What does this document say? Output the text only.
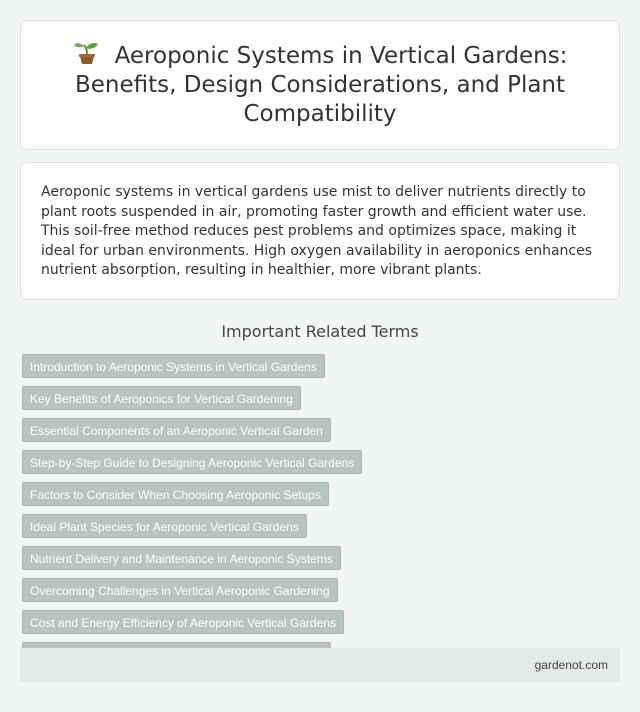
Aeroponic Systems in Vertical Gardens: Benefits, Design Considerations, and Plant Compatibility

Aeroponic systems in vertical gardens use mist to deliver nutrients directly to plant roots suspended in air, promoting faster growth and efficient water use. This soil-free method reduces pest problems and optimizes space, making it ideal for urban environments. High oxygen availability in aeroponics enhances nutrient absorption, resulting in healthier, more vibrant plants.

Important Related Terms
Introduction to Aeroponic Systems in Vertical Gardens
Key Benefits of Aeroponics for Vertical Gardening
Essential Components of an Aeroponic Vertical Garden
Step-by-Step Guide to Designing Aeroponic Vertical Gardens
Factors to Consider When Choosing Aeroponic Setups
Ideal Plant Species for Aeroponic Vertical Gardens
Nutrient Delivery and Maintenance in Aeroponic Systems
Overcoming Challenges in Vertical Aeroponic Gardening
Cost and Energy Efficiency of Aeroponic Vertical Gardens
gardenot.com
